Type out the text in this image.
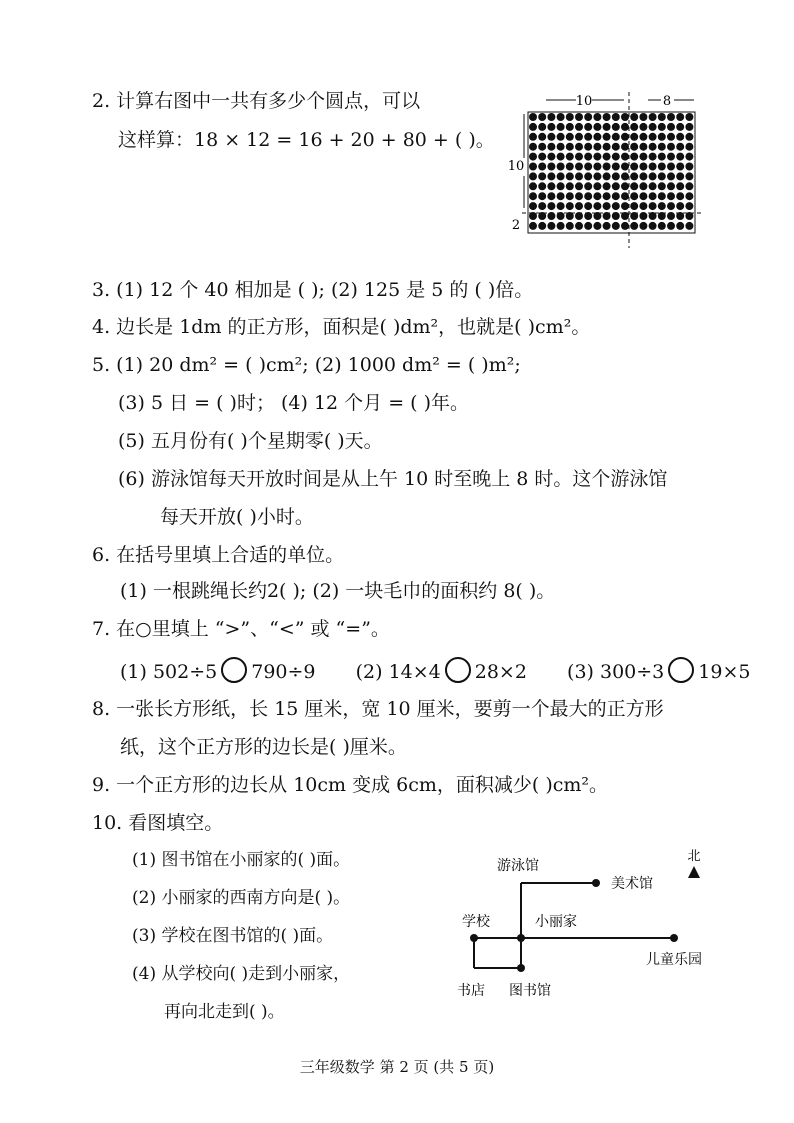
2. 计算右图中一共有多少个圆点，可以
这样算：18 × 12 = 16 + 20 + 80 + ( )。
10	8
10
2
3. (1) 12 个 40 相加是 ( ); (2) 125 是 5 的 ( )倍。
4. 边长是 1dm 的正方形，面积是( )dm²，也就是( )cm²。
5. (1) 20 dm² = ( )cm²; (2) 1000 dm² = ( )m²;
(3) 5 日 = ( )时； (4) 12 个月 = ( )年。
(5) 五月份有( )个星期零( )天。
(6) 游泳馆每天开放时间是从上午 10 时至晚上 8 时。这个游泳馆
每天开放( )小时。
6. 在括号里填上合适的单位。
(1) 一根跳绳长约2( ); (2) 一块毛巾的面积约 8( )。
7. 在○里填上 “>”、“<” 或 “=”。
(1) 502÷5 790÷9 (2) 14×4 28×2 (3) 300÷3 19×5
8. 一张长方形纸，长 15 厘米，宽 10 厘米，要剪一个最大的正方形
纸，这个正方形的边长是( )厘米。
9. 一个正方形的边长从 10cm 变成 6cm，面积减少( )cm²。
10. 看图填空。
(1) 图书馆在小丽家的( )面。
(2) 小丽家的西南方向是( )。
(3) 学校在图书馆的( )面。
(4) 从学校向( )走到小丽家，
再向北走到( )。
北
游泳馆
美术馆
学校	小丽家
儿童乐园
书店 图书馆
三年级数学 第 2 页 (共 5 页)
